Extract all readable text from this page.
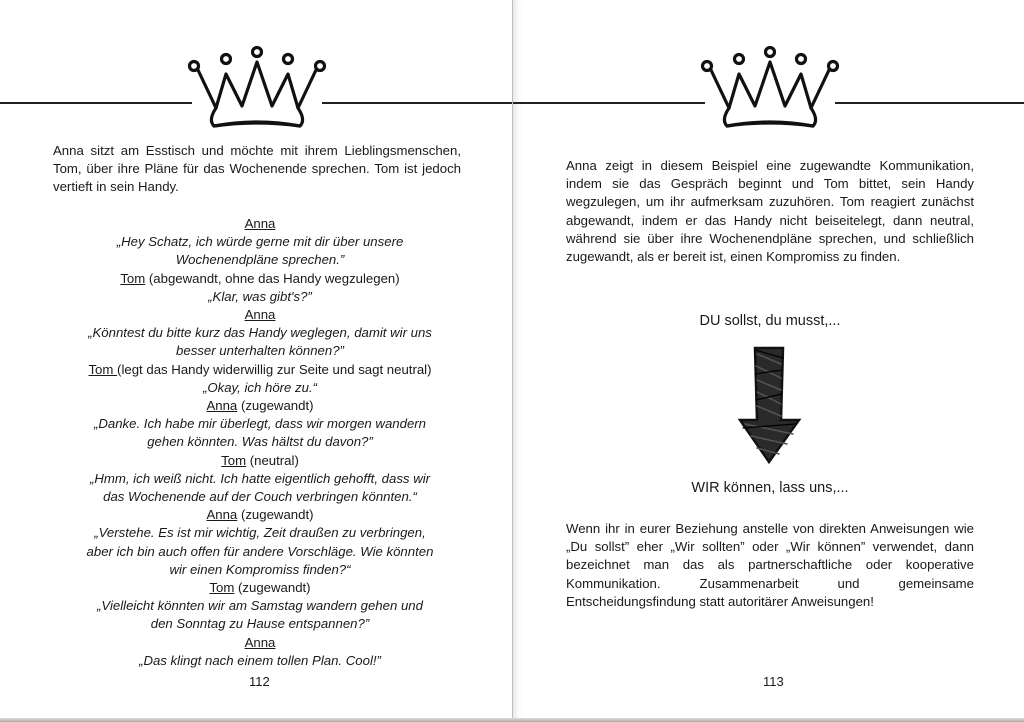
Anna sitzt am Esstisch und möchte mit ihrem Lieblingsmenschen, Tom, über ihre Pläne für das Wochenende sprechen. Tom ist jedoch vertieft in sein Handy.
Anna
„Hey Schatz, ich würde gerne mit dir über unsere
Wochenendpläne sprechen.”
Tom (abgewandt, ohne das Handy wegzulegen)
„Klar, was gibt's?”
Anna
„Könntest du bitte kurz das Handy weglegen, damit wir uns
besser unterhalten können?”
Tom (legt das Handy widerwillig zur Seite und sagt neutral)
„Okay, ich höre zu.“
Anna (zugewandt)
„Danke. Ich habe mir überlegt, dass wir morgen wandern
gehen könnten. Was hältst du davon?”
Tom (neutral)
„Hmm, ich weiß nicht. Ich hatte eigentlich gehofft, dass wir
das Wochenende auf der Couch verbringen könnten.“
Anna (zugewandt)
„Verstehe. Es ist mir wichtig, Zeit draußen zu verbringen,
aber ich bin auch offen für andere Vorschläge. Wie könnten
wir einen Kompromiss finden?“
Tom (zugewandt)
„Vielleicht könnten wir am Samstag wandern gehen und
den Sonntag zu Hause entspannen?”
Anna
„Das klingt nach einem tollen Plan. Cool!”
112
Anna zeigt in diesem Beispiel eine zugewandte Kommunikation, indem sie das Gespräch beginnt und Tom bittet, sein Handy wegzulegen, um ihr aufmerksam zuzuhören. Tom reagiert zunächst abgewandt, indem er das Handy nicht beiseitelegt, dann neutral, während sie über ihre Wochenendpläne sprechen, und schließlich zugewandt, als er bereit ist, einen Kompromiss zu finden.
DU sollst, du musst,...
WIR können, lass uns,...
Wenn ihr in eurer Beziehung anstelle von direkten Anweisungen wie „Du sollst” eher „Wir sollten” oder „Wir können” verwendet, dann bezeichnet man das als partnerschaftliche oder kooperative Kommunikation. Zusammenarbeit und gemeinsame Entscheidungsfindung statt autoritärer Anweisungen!
113
